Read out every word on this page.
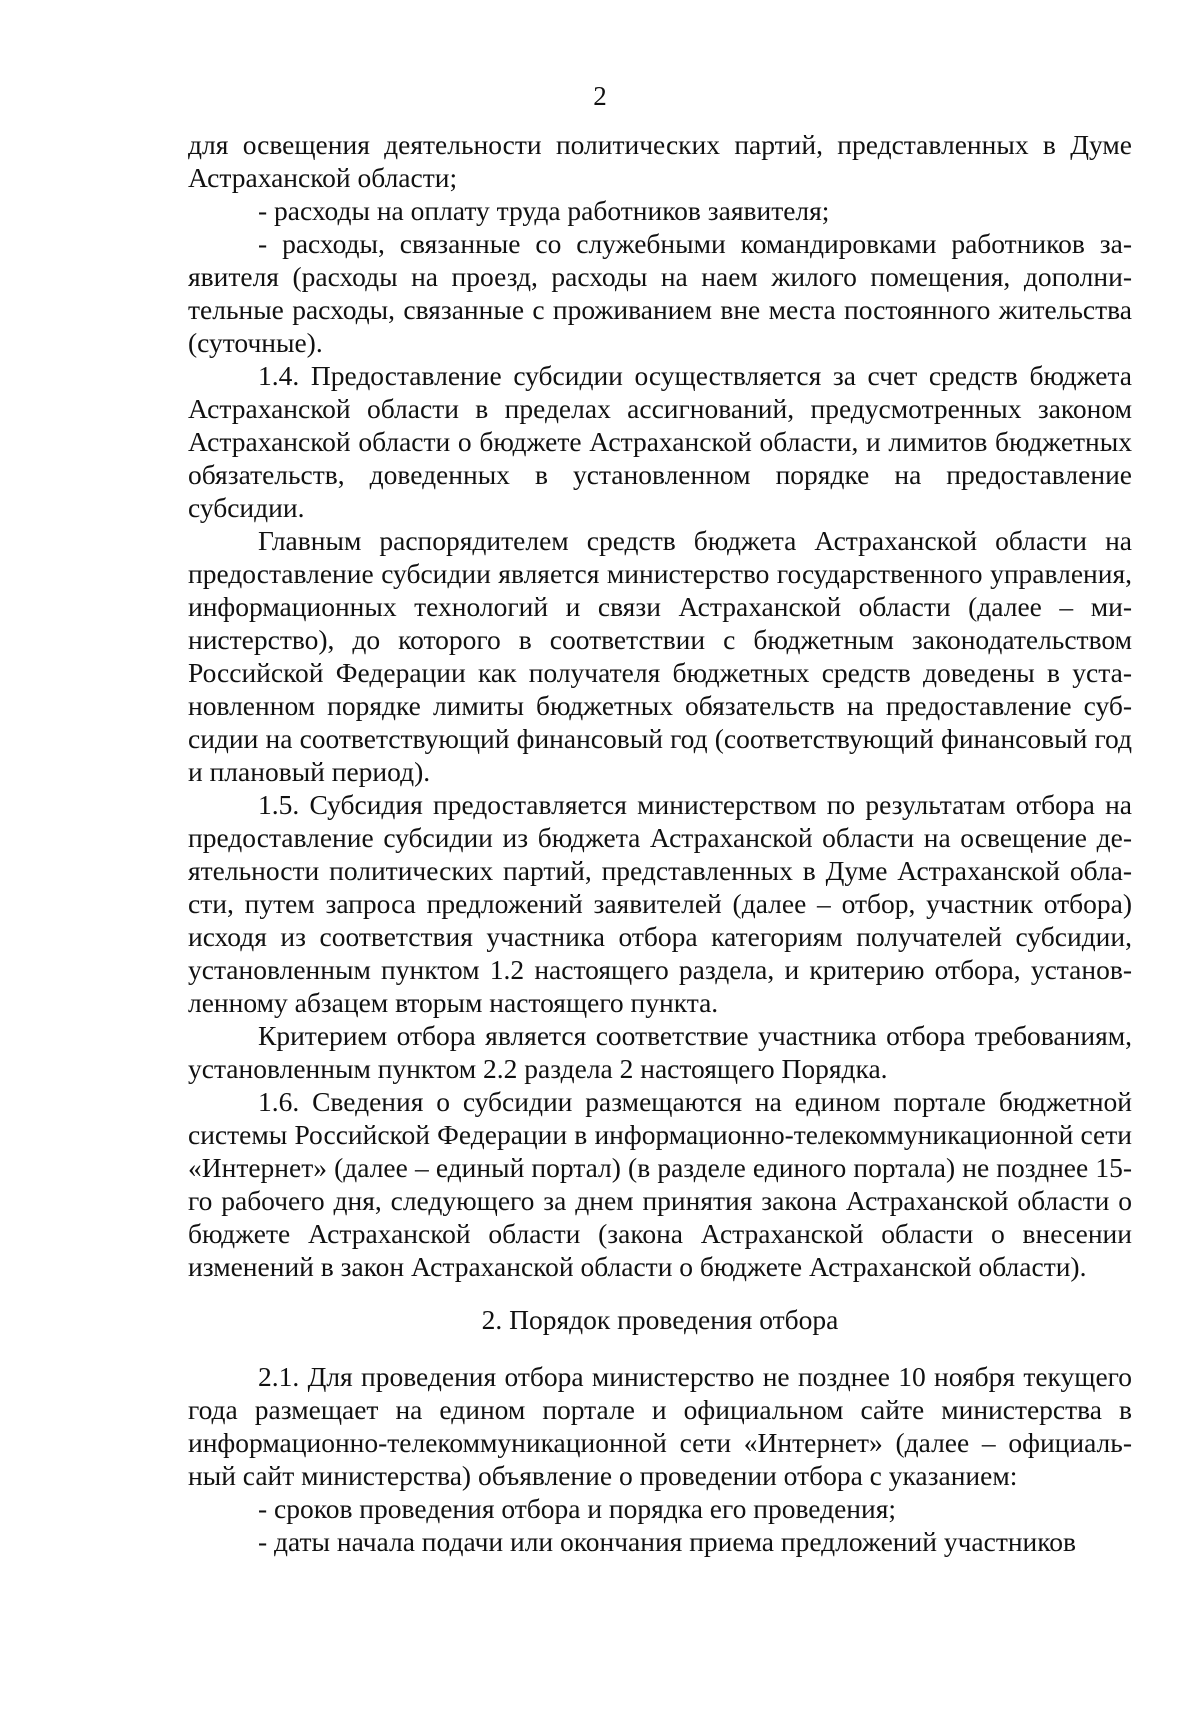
2

для освещения деятельности политических партий, представленных в Думе Астраханской области;

- расходы на оплату труда работников заявителя;

- расходы, связанные со служебными командировками работников заявителя (расходы на проезд, расходы на наем жилого помещения, дополнительные расходы, связанные с проживанием вне места постоянного жительства (суточные).

1.4. Предоставление субсидии осуществляется за счет средств бюджета Астраханской области в пределах ассигнований, предусмотренных законом Астраханской области о бюджете Астраханской области, и лимитов бюджетных обязательств, доведенных в установленном порядке на предоставление субсидии.

Главным распорядителем средств бюджета Астраханской области на предоставление субсидии является министерство государственного управления, информационных технологий и связи Астраханской области (далее – министерство), до которого в соответствии с бюджетным законодательством Российской Федерации как получателя бюджетных средств доведены в установленном порядке лимиты бюджетных обязательств на предоставление субсидии на соответствующий финансовый год (соответствующий финансовый год и плановый период).

1.5. Субсидия предоставляется министерством по результатам отбора на предоставление субсидии из бюджета Астраханской области на освещение деятельности политических партий, представленных в Думе Астраханской области, путем запроса предложений заявителей (далее – отбор, участник отбора) исходя из соответствия участника отбора категориям получателей субсидии, установленным пунктом 1.2 настоящего раздела, и критерию отбора, установленному абзацем вторым настоящего пункта.

Критерием отбора является соответствие участника отбора требованиям, установленным пунктом 2.2 раздела 2 настоящего Порядка.

1.6. Сведения о субсидии размещаются на едином портале бюджетной системы Российской Федерации в информационно-телекоммуникационной сети «Интернет» (далее – единый портал) (в разделе единого портала) не позднее 15-го рабочего дня, следующего за днем принятия закона Астраханской области о бюджете Астраханской области (закона Астраханской области о внесении изменений в закон Астраханской области о бюджете Астраханской области).

2. Порядок проведения отбора

2.1. Для проведения отбора министерство не позднее 10 ноября текущего года размещает на едином портале и официальном сайте министерства в информационно-телекоммуникационной сети «Интернет» (далее – официальный сайт министерства) объявление о проведении отбора с указанием:

- сроков проведения отбора и порядка его проведения;

- даты начала подачи или окончания приема предложений участников
